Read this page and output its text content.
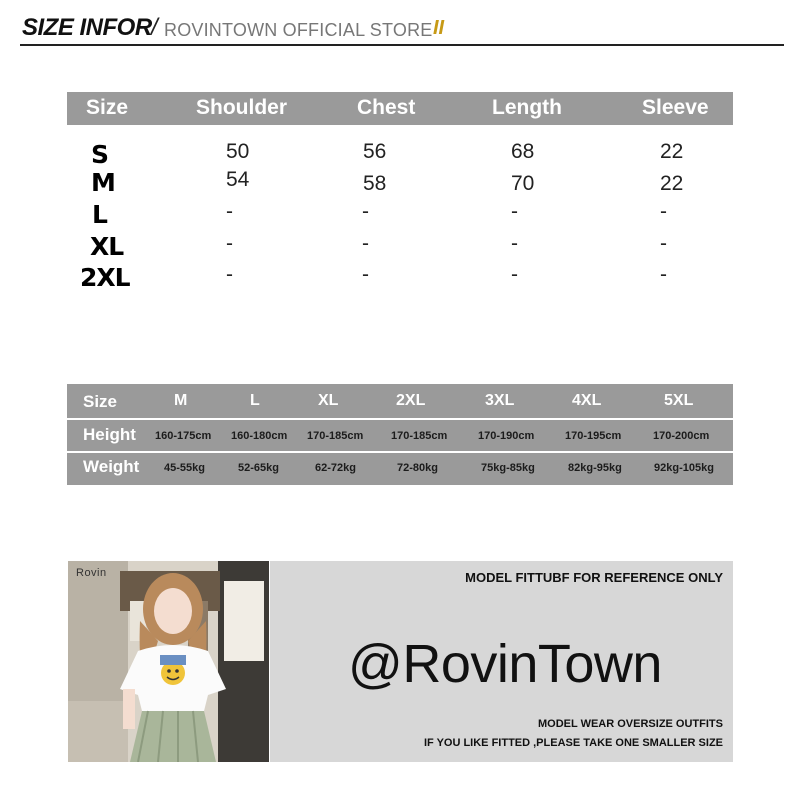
SIZE INFOR / ROVINTOWN OFFICIAL STORE II
Size	Shoulder	Chest	Length	Sleeve
S	50	56	68	22
M	54	58	70	22
L	-	-	-	-
XL	-	-	-	-
2XL	-	-	-	-
Size	M	L	XL	2XL	3XL	4XL	5XL
Height 160-175cm 160-180cm 170-185cm	170-185cm	170-190cm	170-195cm	170-200cm
Weight 45-55kg	52-65kg	62-72kg	72-80kg	75kg-85kg	82kg-95kg	92kg-105kg
Rovin	MODEL FITTUBF FOR REFERENCE ONLY
@RovinTown
MODEL WEAR OVERSIZE OUTFITS
IF YOU LIKE FITTED ,PLEASE TAKE ONE SMALLER SIZE
